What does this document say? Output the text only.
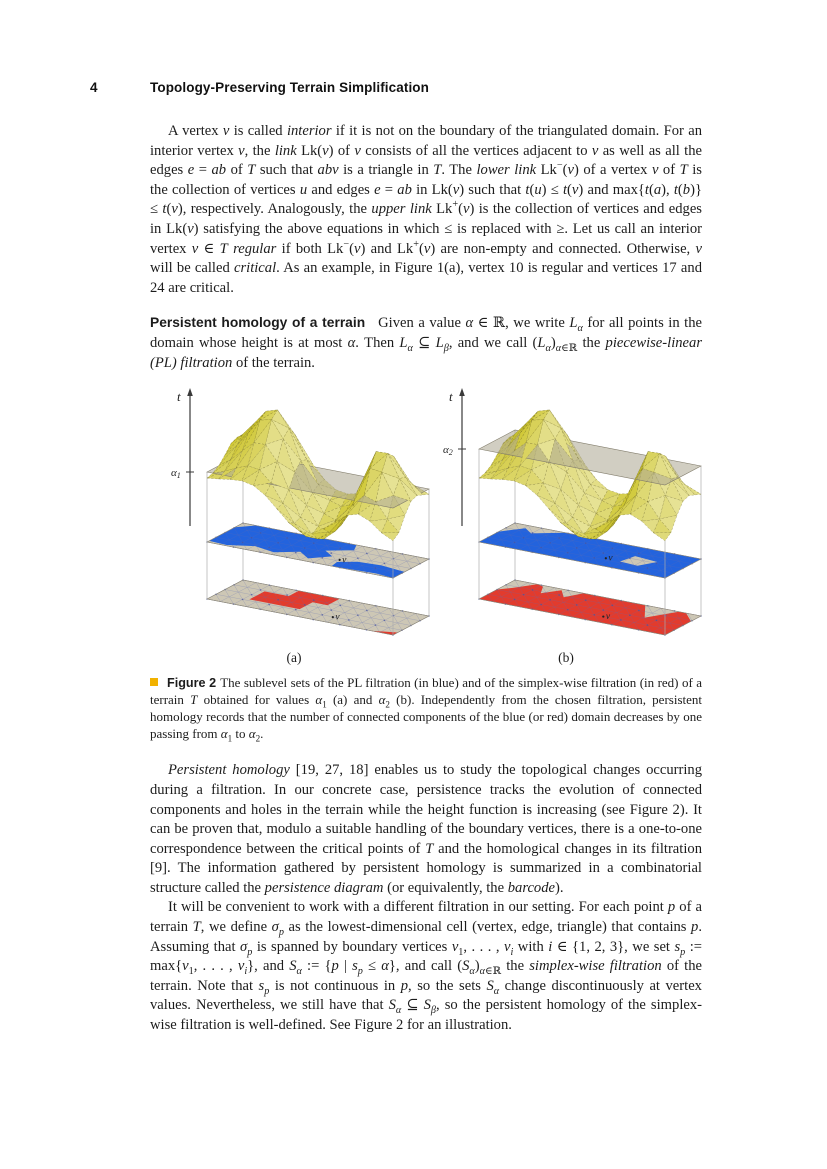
4	Topology-Preserving Terrain Simplification

A vertex v is called interior if it is not on the boundary of the triangulated domain. For an interior vertex v, the link Lk(v) of v consists of all the vertices adjacent to v as well as all the edges e = ab of T such that abv is a triangle in T. The lower link Lk−(v) of a vertex v of T is the collection of vertices u and edges e = ab in Lk(v) such that t(u) ≤ t(v) and max{t(a), t(b)} ≤ t(v), respectively. Analogously, the upper link Lk+(v) is the collection of vertices and edges in Lk(v) satisfying the above equations in which ≤ is replaced with ≥. Let us call an interior vertex v ∈ T regular if both Lk−(v) and Lk+(v) are non-empty and connected. Otherwise, v will be called critical. As an example, in Figure 1(a), vertex 10 is regular and vertices 17 and 24 are critical.

Persistent homology of a terrain Given a value α ∈ ℝ, we write $L_\alpha$ for all points in the domain whose height is at most α. Then $L_\alpha$ ⊆ $L_\beta$, and we call $(L_\alpha)_{\alpha\in ℝ}$ the piecewise-linear (PL) filtration of the terrain.

t
α1
v
v
(a)
t
α2
v
v
(b)

Figure 2 The sublevel sets of the PL filtration (in blue) and of the simplex-wise filtration (in red) of a terrain T obtained for values $\alpha_1$ (a) and $\alpha_2$ (b). Independently from the chosen filtration, persistent homology records that the number of connected components of the blue (or red) domain decreases by one passing from $\alpha_1$ to $\alpha_2$.

Persistent homology [19, 27, 18] enables us to study the topological changes occurring during a filtration. In our concrete case, persistence tracks the evolution of connected components and holes in the terrain while the height function is increasing (see Figure 2). It can be proven that, modulo a suitable handling of the boundary vertices, there is a one-to-one correspondence between the critical points of T and the homological changes in its filtration [9]. The information gathered by persistent homology is summarized in a combinatorial structure called the persistence diagram (or equivalently, the barcode).

It will be convenient to work with a different filtration in our setting. For each point p of a terrain T, we define $\sigma_p$ as the lowest-dimensional cell (vertex, edge, triangle) that contains p. Assuming that $\sigma_p$ is spanned by boundary vertices $v_1$, . . . , $v_i$ with i ∈ {1, 2, 3}, we set $s_p$ := $\max\{v_1$, . . . , $v_i$}, and $S_\alpha$ := {p | $s_p \le \alpha$}, and call $(S_\alpha)_{\alpha\in ℝ}$ the simplex-wise filtration of the terrain. Note that $s_p$ is not continuous in p, so the sets $S_\alpha$ change discontinuously at vertex values. Nevertheless, we still have that $S_\alpha$ ⊆ $S_\beta$, so the persistent homology of the simplex-wise filtration is well-defined. See Figure 2 for an illustration.
